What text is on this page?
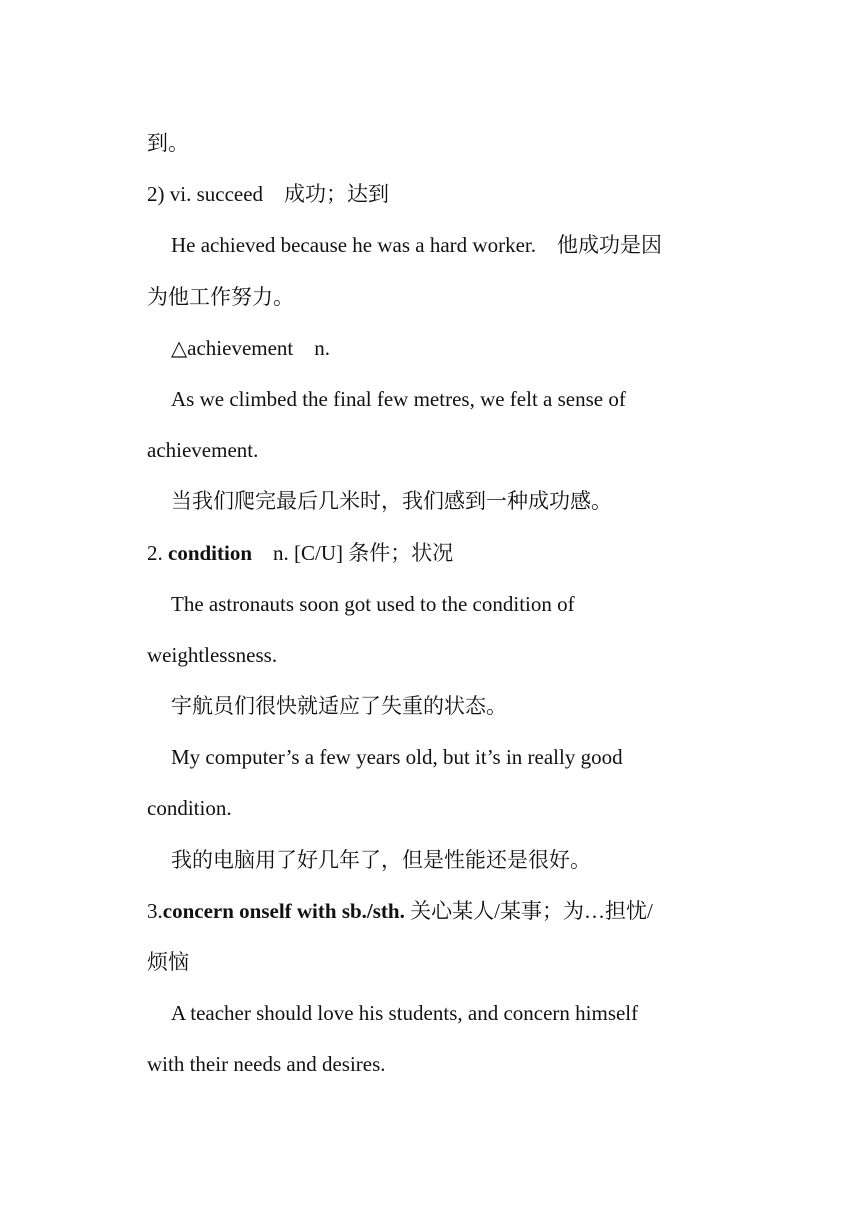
到。
2) vi. succeed　成功；达到
He achieved because he was a hard worker.　他成功是因
为他工作努力。
△achievement　n.
As we climbed the final few metres, we felt a sense of
achievement.
当我们爬完最后几米时，我们感到一种成功感。
2. condition　n. [C/U] 条件；状况
The astronauts soon got used to the condition of
weightlessness.
宇航员们很快就适应了失重的状态。
My computer’s a few years old, but it’s in really good
condition.
我的电脑用了好几年了，但是性能还是很好。
3.concern onself with sb./sth. 关心某人/某事；为…担忧/
烦恼
A teacher should love his students, and concern himself
with their needs and desires.
